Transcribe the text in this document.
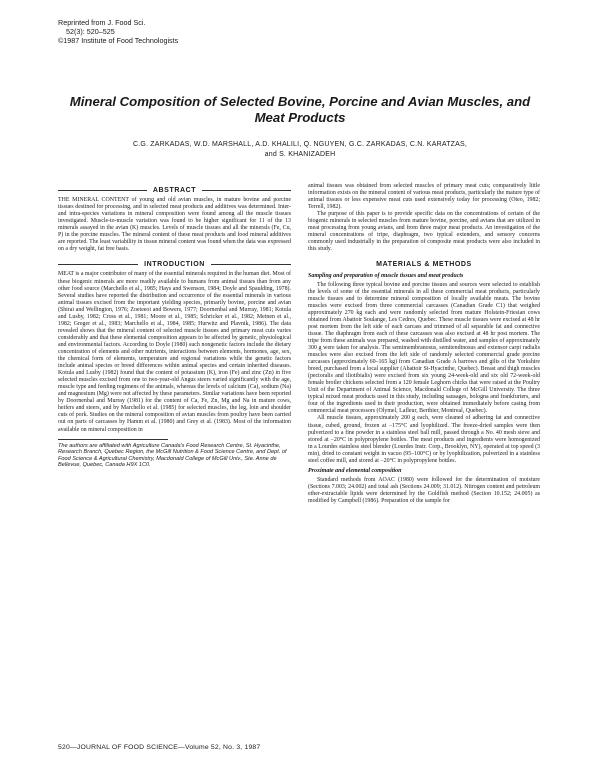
Reprinted from J. Food Sci.
52(3): 520–525
©1987 Institute of Food Technologists
Mineral Composition of Selected Bovine, Porcine and Avian Muscles, and Meat Products
C.G. ZARKADAS, W.D. MARSHALL, A.D. KHALILI, Q. NGUYEN, G.C. ZARKADAS, C.N. KARATZAS,
and S. KHANIZADEH
ABSTRACT

THE MINERAL CONTENT of young and old avian muscles, in mature bovine and porcine tissues destined for processing, and in selected meat products and additives was determined. Inter- and intra-species variations in mineral composition were found among all the muscle tissues investigated. Muscle-to-muscle variation was found to be higher significant for 11 of the 13 minerals assayed in the avian (K) muscles. Levels of muscle tissues and all the minerals (Fe, Cu, P) in the porcine muscles. The mineral content of these meat products and food mineral additives are reported. The least variability in tissue mineral content was found when the data was expressed on a dry weight, fat free basis.

INTRODUCTION

MEAT is a major contributor of many of the essential minerals required in the human diet. Most of these biogenic minerals are more readily available to humans from animal tissues than from any other food source (Marchello et al., 1985; Hays and Swenson, 1984; Doyle and Spaulding, 1978). Several studies have reported the distribution and occurrence of the essential minerals in various animal tissues excised from the important yielding species, primarily bovine, porcine and avian (Shirai and Wellington, 1976; Zoeteeoi and Bowers, 1977; Doornenbal and Murray, 1981; Kotula and Lusby, 1982; Cross et al., 1981; Moore et al., 1985; Schricker et al., 1982; Meinen et al., 1982; Greger et al., 1983; Marchello et al., 1984, 1985; Hurwitz and Plavnik, 1986). The data revealed shows that the mineral content of selected muscle tissues and primary meat cuts varies considerably and that these elemental composition appears to be affected by genetic, physiological and environmental factors. According to Doyle (1980) such nongenetic factors include the dietary concentration of elements and other nutrients, interactions between elements, hormones, age, sex, the chemical form of elements, temperature and regional variations while the genetic factors include animal species or breed differences within animal species and certain inherited diseases. Kotula and Lusby (1982) found that the content of potassium (K), iron (Fe) and zinc (Zn) in five selected muscles excised from one to two-year-old Angus steers varied significantly with the age, muscle type and feeding regimens of the animals, whereas the levels of calcium (Ca), sodium (Na) and magnesium (Mg) were not affected by these parameters. Similar variations have been reported by Doornenbal and Murray (1981) for the content of Ca, Fe, Zn, Mg and Na in mature cows, heifers and steers, and by Marchello et al. (1985) for selected muscles, the leg, loin and shoulder cuts of pork. Studies on the mineral composition of avian muscles from poultry have been carried out on parts of carcasses by Hamm et al. (1980) and Grey et al. (1983). Most of the information available on mineral composition in

The authors are affiliated with Agriculture Canada's Food Research Centre, St. Hyacinthe, Research Branch, Quebec Region, the McGill Nutrition & Food Science Centre, and Dept. of Food Science & Agricultural Chemistry, Macdonald College of McGill Univ., Ste. Anne de Bellevue, Quebec, Canada H9X 1C0.

animal tissues was obtained from selected muscles of primary meat cuts; comparatively little information exists on the mineral content of various meat products, particularly the mature type of animal tissues or less expensive meat cuts used extensively today for processing (Oteo, 1982; Terrell, 1982).

The purpose of this paper is to provide specific data on the concentrations of certain of the biogenic minerals in selected muscles from mature bovine, porcine, and avians that are utilized in meat processing from young avians, and from three major meat products. An investigation of the mineral concentrations of tripe, diaphragm, two typical extenders, and sensory concerns commonly used industrially in the preparation of composite meat products were also included in this study.

MATERIALS & METHODS
Sampling and preparation of muscle tissues and meat products

The following three typical bovine and porcine tissues and sources were selected to establish the levels of some of the essential minerals in all these commercial meat products, particularly muscle tissues and to determine mineral composition of locally available meats. The bovine muscles were excised from three commercial carcasses (Canadian Grade C1) that weighed approximately 270 kg each and were randomly selected from mature Holstein-Friesian cows obtained from Abattoir Soulange, Les Cedres, Quebec. These muscle tissues were excised at 48 hr post mortem from the left side of each carcass and trimmed of all separable fat and connective tissue. The diaphragm from each of these carcasses was also excised at 48 hr post mortem. The tripe from these animals was prepared, washed with distilled water, and samples of approximately 300 g were taken for analysis. The semimembranosus, semitendinosus and extensor carpi radialis muscles were also excised from the left side of randomly selected commercial grade porcine carcasses (approximately 60–165 kg) from Canadian Grade A barrows and gilts of the Yorkshire breed, purchased from a local supplier (Abattoir St-Hyacinthe, Quebec). Breast and thigh muscles (pectoralis and iliotibialis) were excised from six young 24-week-old and six old 72-week-old female broiler chickens selected from a 120 female Leghorn chicks that were raised at the Poultry Unit of the Department of Animal Science, Macdonald College of McGill University. The three typical mixed meat products used in this study, including sausages, bologna and frankfurters, and four of the ingredients used in their production, were obtained immediately before casing from commercial meat processors (Olymel, Lafleur, Berthier, Montreal, Quebec).

All muscle tissues, approximately 200 g each, were cleaned of adhering fat and connective tissue, cubed, ground, frozen at −175°C and lyophilized. The freeze-dried samples were then pulverized to a fine powder in a stainless steel ball mill, passed through a No. 40 mesh sieve and stored at −20°C in polypropylene bottles. The meat products and ingredients were homogenized in a Lourdes stainless steel blender (Lourdes Instr. Corp., Brooklyn, NY), operated at top speed (3 min), dried to constant weight in vacuo (95–100°C) or by lyophilization, pulverized in a stainless steel coffee mill, and stored at −20°C in polypropylene bottles.

Proximate and elemental composition

Standard methods from AOAC (1980) were followed for the determination of moisture (Sections 7.003; 24.002) and total ash (Sections 24.009; 31.012). Nitrogen content and petroleum ether-extractable lipids were determined by the Goldfish method (Section 10.152; 24.005) as modified by Campbell (1986). Preparation of the sample for

520—JOURNAL OF FOOD SCIENCE—Volume 52, No. 3, 1987
